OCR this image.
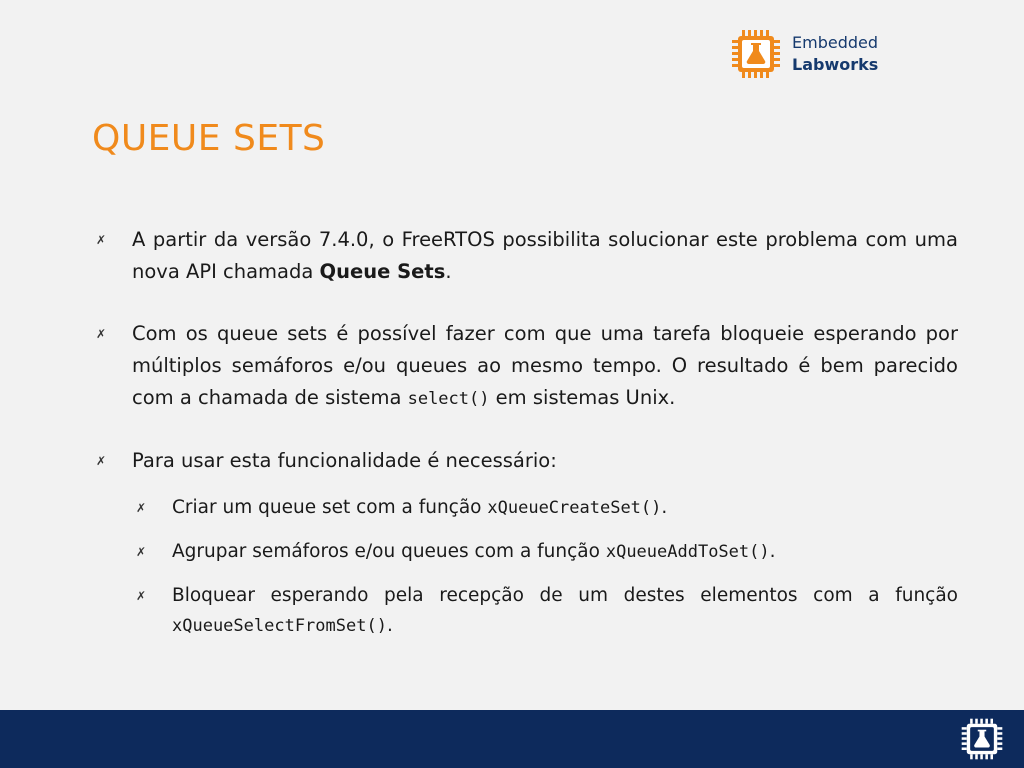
Embedded
Labworks
QUEUE SETS
✗ A partir da versão 7.4.0, o FreeRTOS possibilita solucionar este problema com uma nova API chamada Queue Sets.
✗ Com os queue sets é possível fazer com que uma tarefa bloqueie esperando por múltiplos semáforos e/ou queues ao mesmo tempo. O resultado é bem parecido com a chamada de sistema select() em sistemas Unix.
✗ Para usar esta funcionalidade é necessário:
✗ Criar um queue set com a função xQueueCreateSet().
✗ Agrupar semáforos e/ou queues com a função xQueueAddToSet().
✗ Bloquear esperando pela recepção de um destes elementos com a função xQueueSelectFromSet().
